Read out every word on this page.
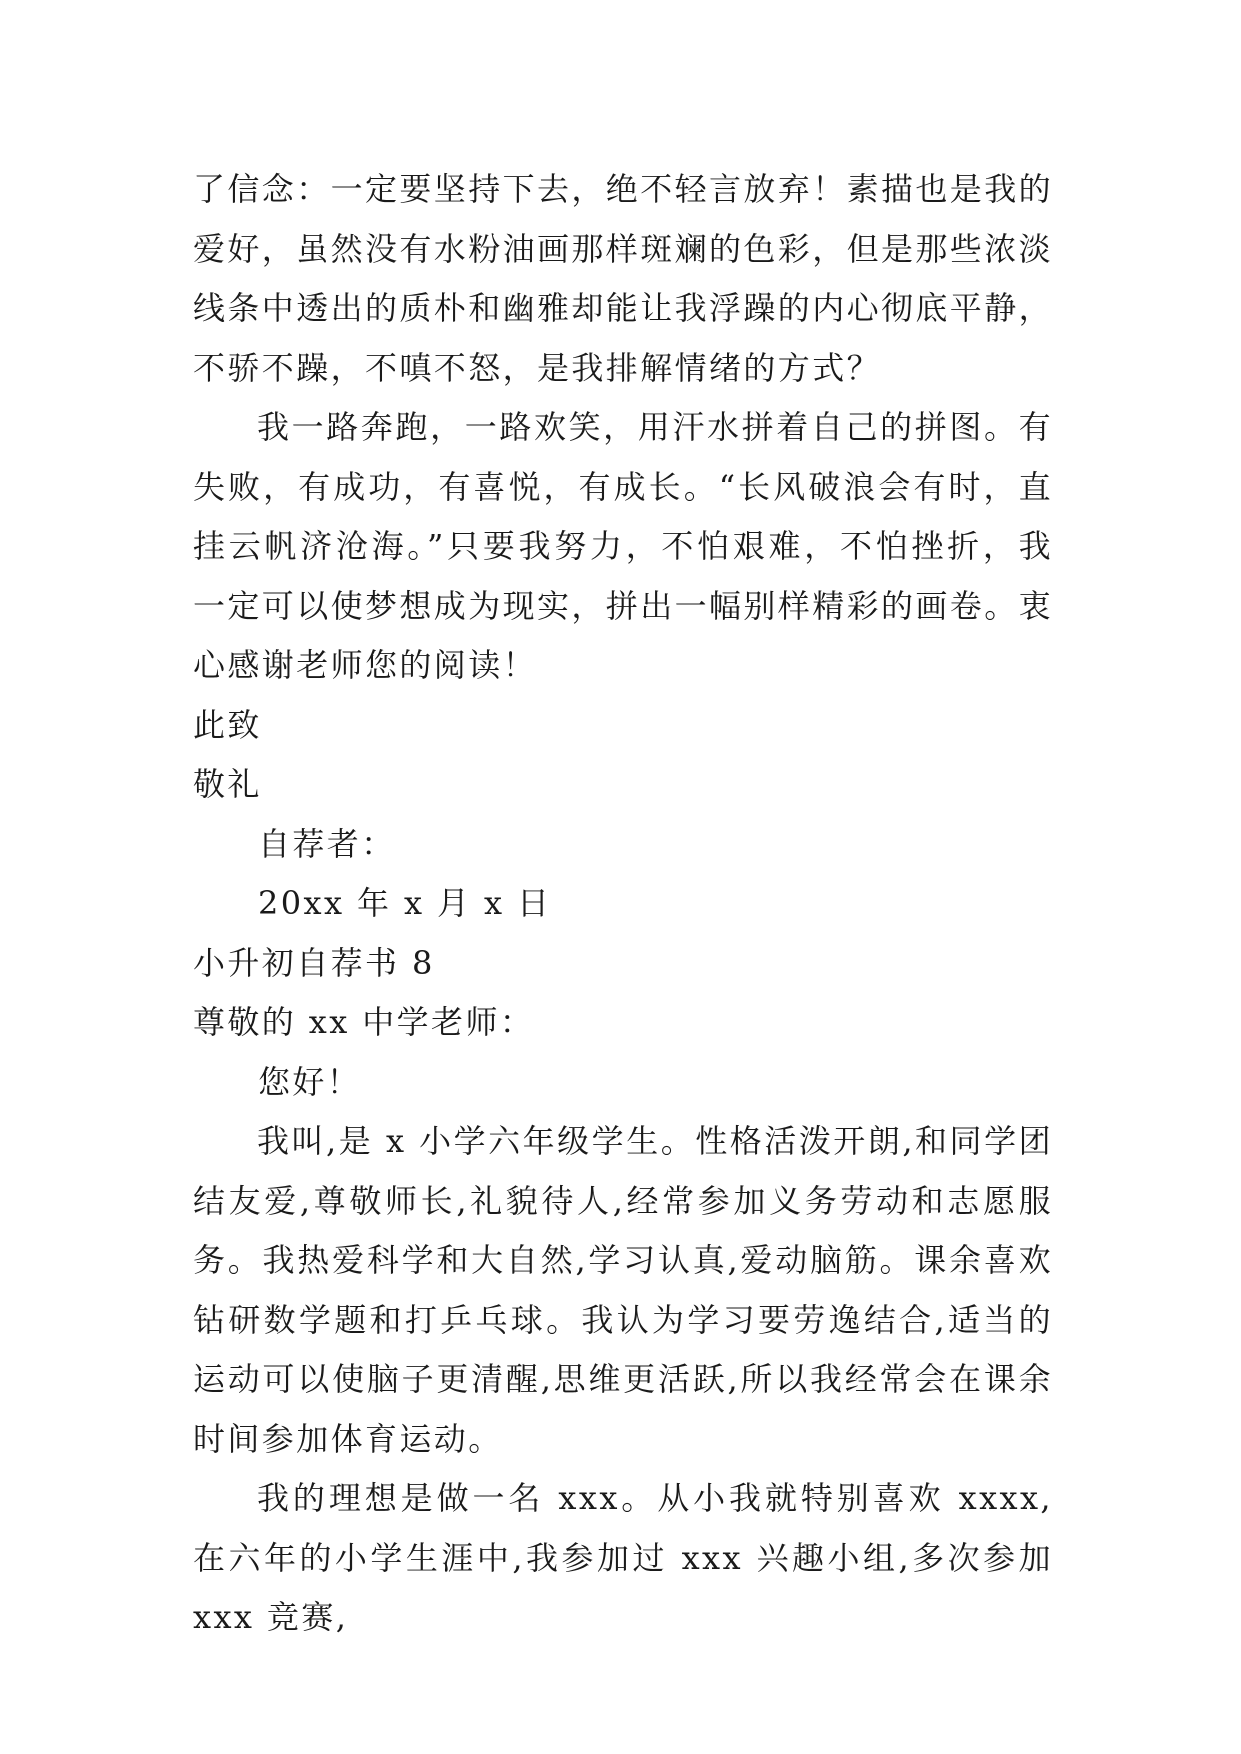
了信念：一定要坚持下去，绝不轻言放弃！素描也是我的爱好，虽然没有水粉油画那样斑斓的色彩，但是那些浓淡线条中透出的质朴和幽雅却能让我浮躁的内心彻底平静，不骄不躁，不嗔不怒，是我排解情绪的方式？

我一路奔跑，一路欢笑，用汗水拼着自己的拼图。有失败，有成功，有喜悦，有成长。“长风破浪会有时，直挂云帆济沧海。”只要我努力，不怕艰难，不怕挫折，我一定可以使梦想成为现实，拼出一幅别样精彩的画卷。衷心感谢老师您的阅读！

此致

敬礼

自荐者：

20xx 年 x 月 x 日

小升初自荐书 8

尊敬的 xx 中学老师：

您好！

我叫,是 x 小学六年级学生。性格活泼开朗,和同学团结友爱,尊敬师长,礼貌待人,经常参加义务劳动和志愿服务。我热爱科学和大自然,学习认真,爱动脑筋。课余喜欢钻研数学题和打乒乓球。我认为学习要劳逸结合,适当的运动可以使脑子更清醒,思维更活跃,所以我经常会在课余时间参加体育运动。

我的理想是做一名 xxx。从小我就特别喜欢 xxxx,在六年的小学生涯中,我参加过 xxx 兴趣小组,多次参加 xxx 竞赛,
